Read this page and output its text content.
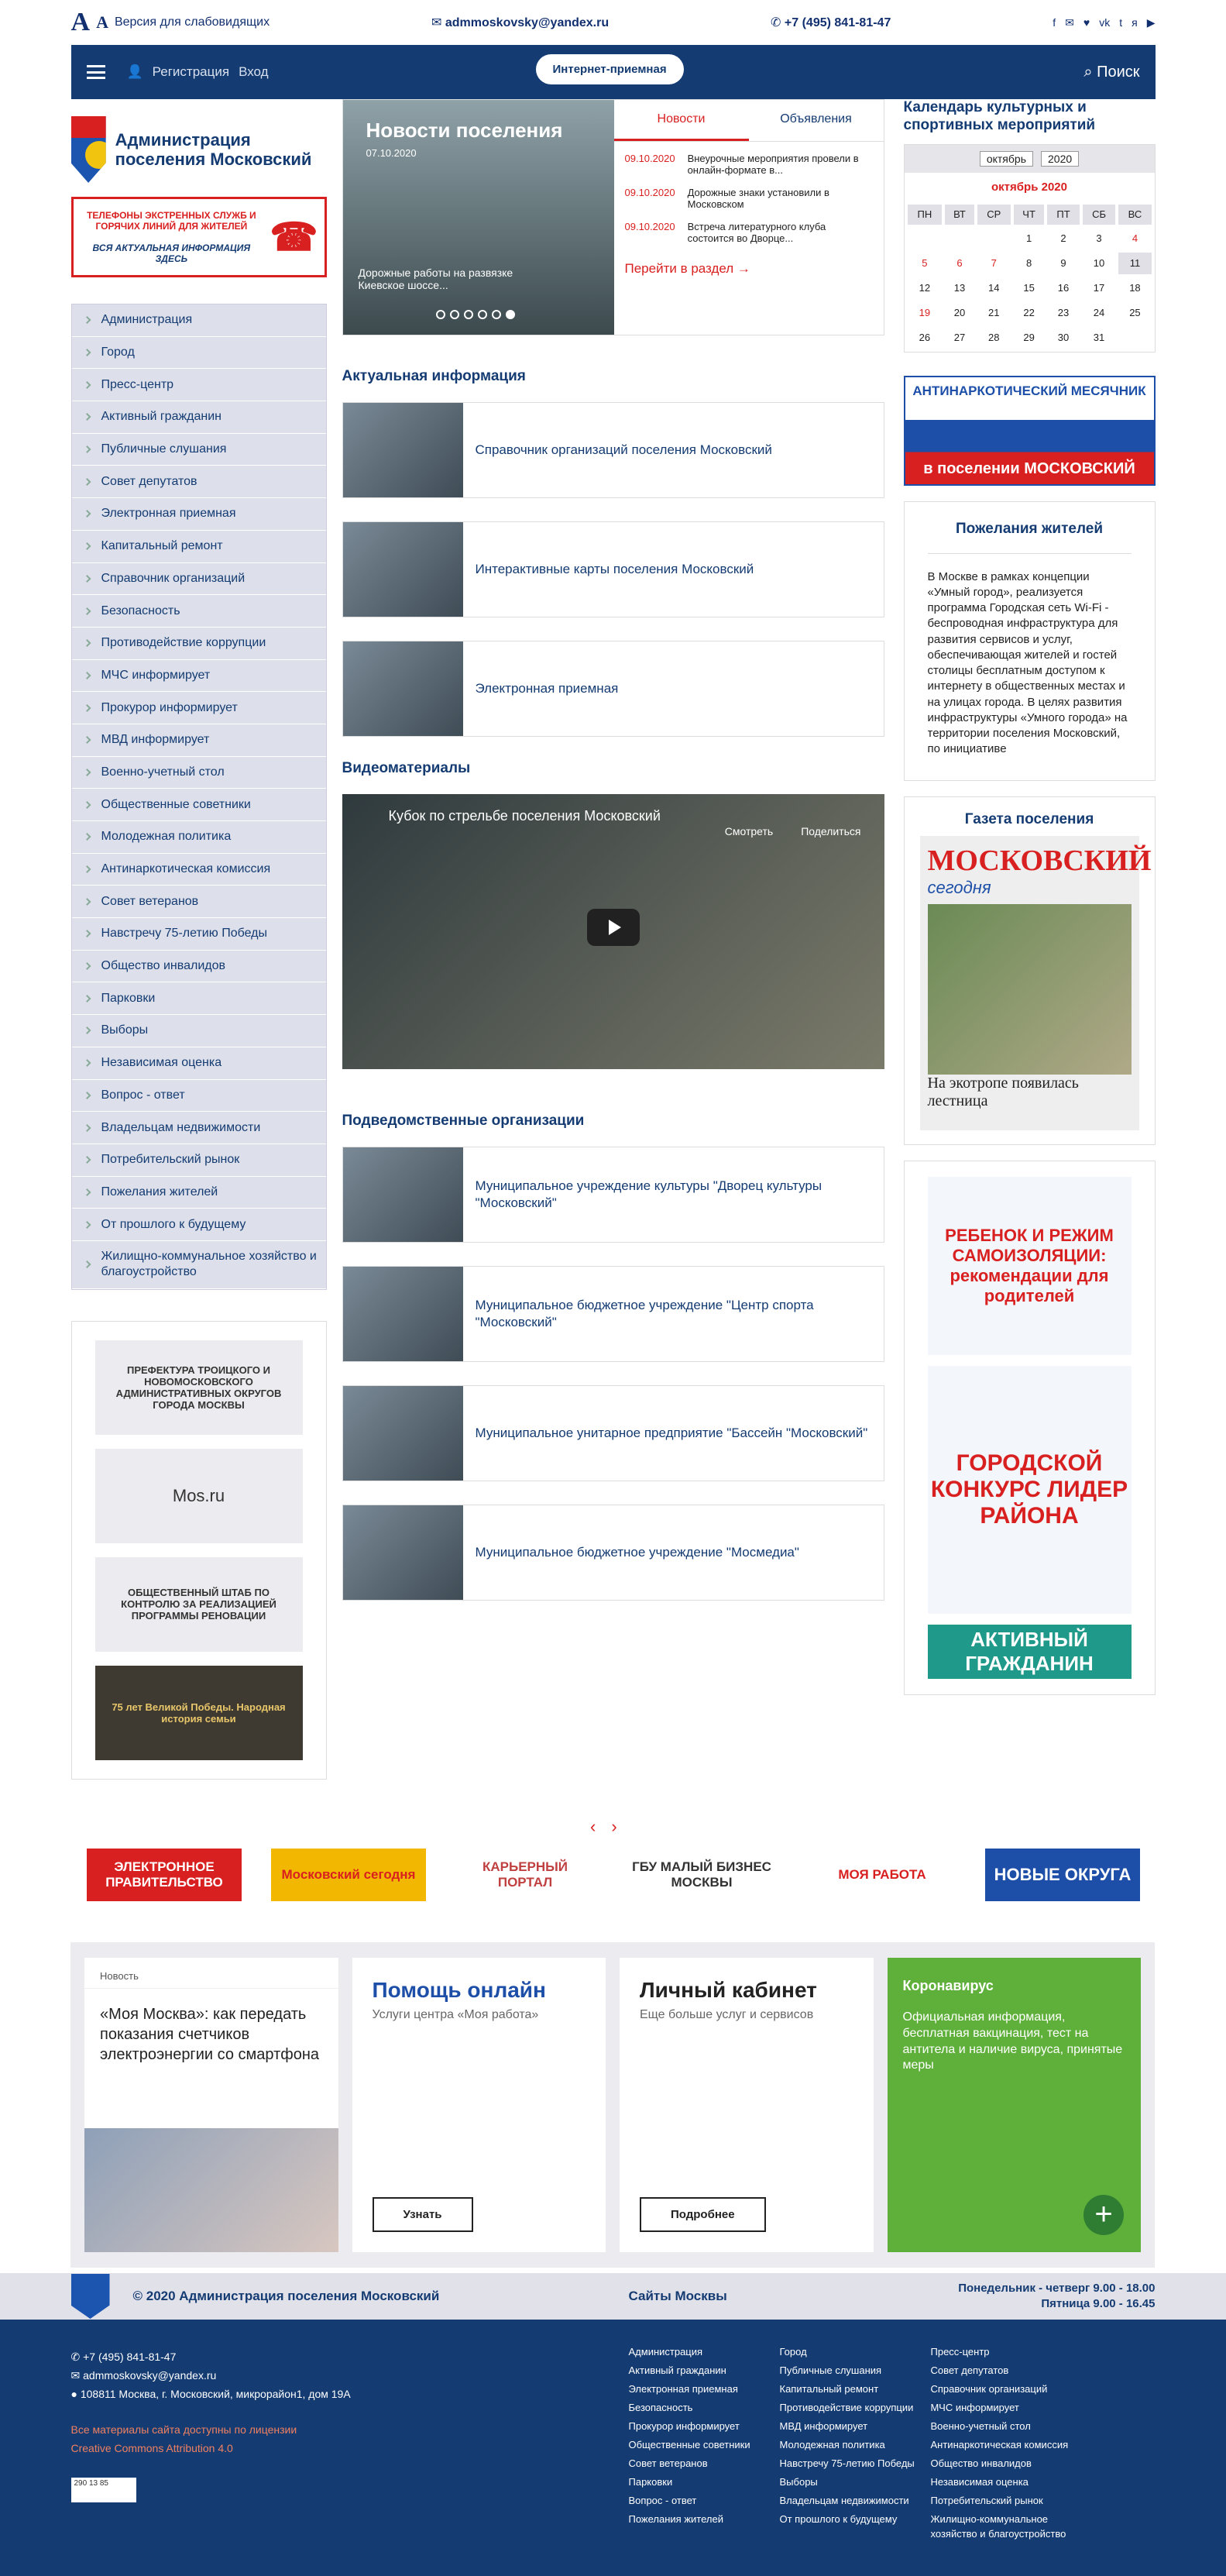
A A Версия для слабовидящих	✉ admmoskovsky@yandex.ru	✆ +7 (495) 841-81-47	f ✉ ♥ vk t я ▶
👤 Регистрация Вход	Интернет-приемная	⌕ Поиск
Администрация поселения Московский
ТЕЛЕФОНЫ ЭКСТРЕННЫХ СЛУЖБ И ГОРЯЧИХ ЛИНИЙ ДЛЯ ЖИТЕЛЕЙ
ВСЯ АКТУАЛЬНАЯ ИНФОРМАЦИЯ ЗДЕСЬ	☎
Администрация
Город
Пресс-центр
Активный гражданин
Публичные слушания
Совет депутатов
Электронная приемная
Капитальный ремонт
Справочник организаций
Безопасность
Противодействие коррупции
МЧС информирует
Прокурор информирует
МВД информирует
Военно-учетный стол
Общественные советники
Молодежная политика
Антинаркотическая комиссия
Совет ветеранов
Навстречу 75-летию Победы
Общество инвалидов
Парковки
Выборы
Независимая оценка
Вопрос - ответ
Владельцам недвижимости
Потребительский рынок
Пожелания жителей
От прошлого к будущему
Жилищно-коммунальное хозяйство и благоустройство
ПРЕФЕКТУРА ТРОИЦКОГО И НОВОМОСКОВСКОГО АДМИНИСТРАТИВНЫХ ОКРУГОВ ГОРОДА МОСКВЫ
Mos.ru
ОБЩЕСТВЕННЫЙ ШТАБ ПО КОНТРОЛЮ ЗА РЕАЛИЗАЦИЕЙ ПРОГРАММЫ РЕНОВАЦИИ
75 лет Великой Победы. Народная история семьи
Новости поселения
07.10.2020
Дорожные работы на развязке Киевское шоссе...
Новости	Объявления
09.10.2020 Внеурочные мероприятия провели в онлайн-формате в...
09.10.2020 Дорожные знаки установили в Московском
09.10.2020 Встреча литературного клуба состоится во Дворце...
Перейти в раздел →
Актуальная информация
Справочник организаций поселения Московский
Интерактивные карты поселения Московский
Электронная приемная
Видеоматериалы
Кубок по стрельбе поселения Московский
Смотреть	Поделиться
Подведомственные организации
Муниципальное учреждение культуры "Дворец культуры "Московский"
Муниципальное бюджетное учреждение "Центр спорта "Московский"
Муниципальное унитарное предприятие "Бассейн "Московский"
Муниципальное бюджетное учреждение "Мосмедиа"
Календарь культурных и спортивных мероприятий
октябрь	2020
октябрь 2020
ПН	ВТ	СР	ЧТ	ПТ	СБ	ВС
			1	2	3	4
5	6	7	8	9	10	11
12	13	14	15	16	17	18
19	20	21	22	23	24	25
26	27	28	29	30	31	
АНТИНАРКОТИЧЕСКИЙ МЕСЯЧНИК
в поселении МОСКОВСКИЙ
Пожелания жителей

В Москве в рамках концепции «Умный город», реализуется программа Городская сеть Wi-Fi - беспроводная инфраструктура для развития сервисов и услуг, обеспечивающая жителей и гостей столицы бесплатным доступом к интернету в общественных местах и на улицах города. В целях развития инфраструктуры «Умного города» на территории поселения Московский, по инициативе

Газета поселения
МОСКОВСКИЙ
сегодня
На экотропе появилась лестница
РЕБЕНОК И РЕЖИМ САМОИЗОЛЯЦИИ: рекомендации для родителей
ГОРОДСКОЙ КОНКУРС ЛИДЕР РАЙОНА
АКТИВНЫЙ ГРАЖДАНИН
‹ ›
ЭЛЕКТРОННОЕ ПРАВИТЕЛЬСТВО
Московский сегодня
КАРЬЕРНЫЙ ПОРТАЛ
ГБУ МАЛЫЙ БИЗНЕС МОСКВЫ
МОЯ РАБОТА	НОВЫЕ ОКРУГА
Новость
«Моя Москва»: как передать показания счетчиков электроэнергии со смартфона
Помощь онлайн
Услуги центра «Моя работа»
Узнать
Личный кабинет
Еще больше услуг и сервисов
Подробнее
Коронавирус
Официальная информация, бесплатная вакцинация, тест на антитела и наличие вируса, принятые меры
+
© 2020 Администрация поселения Московский	Сайты Москвы
Понедельник - четверг 9.00 - 18.00
Пятница 9.00 - 16.45
✆ +7 (495) 841-81-47
✉ admmoskovsky@yandex.ru
● 108811 Москва, г. Московский, микрорайон1, дом 19А
Все материалы сайта доступны по лицензии
Creative Commons Attribution 4.0
290 13 85
Администрация	Город	Пресс-центр
Активный гражданин	Публичные слушания	Совет депутатов
Электронная приемная	Капитальный ремонт	Справочник организаций
Безопасность	Противодействие коррупции	МЧС информирует
Прокурор информирует	МВД информирует	Военно-учетный стол
Общественные советники	Молодежная политика	Антинаркотическая комиссия
Совет ветеранов	Навстречу 75-летию Победы	Общество инвалидов
Парковки	Выборы	Независимая оценка
Вопрос - ответ	Владельцам недвижимости	Потребительский рынок
Пожелания жителей	От прошлого к будущему	Жилищно-коммунальное хозяйство и благоустройство
